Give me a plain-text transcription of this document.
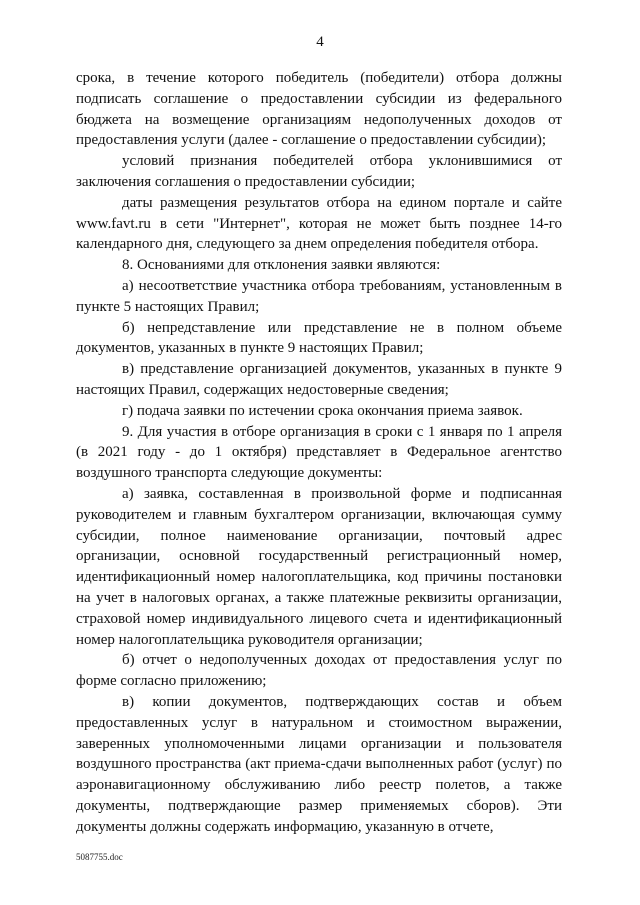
4

срока, в течение которого победитель (победители) отбора должны подписать соглашение о предоставлении субсидии из федерального бюджета на возмещение организациям недополученных доходов от предоставления услуги (далее - соглашение о предоставлении субсидии);

условий признания победителей отбора уклонившимися от заключения соглашения о предоставлении субсидии;

даты размещения результатов отбора на едином портале и сайте www.favt.ru в сети "Интернет", которая не может быть позднее 14-го календарного дня, следующего за днем определения победителя отбора.

8. Основаниями для отклонения заявки являются:

а) несоответствие участника отбора требованиям, установленным в пункте 5 настоящих Правил;

б) непредставление или представление не в полном объеме документов, указанных в пункте 9 настоящих Правил;

в) представление организацией документов, указанных в пункте 9 настоящих Правил, содержащих недостоверные сведения;

г) подача заявки по истечении срока окончания приема заявок.

9. Для участия в отборе организация в сроки с 1 января по 1 апреля (в 2021 году - до 1 октября) представляет в Федеральное агентство воздушного транспорта следующие документы:

а) заявка, составленная в произвольной форме и подписанная руководителем и главным бухгалтером организации, включающая сумму субсидии, полное наименование организации, почтовый адрес организации, основной государственный регистрационный номер, идентификационный номер налогоплательщика, код причины постановки на учет в налоговых органах, а также платежные реквизиты организации, страховой номер индивидуального лицевого счета и идентификационный номер налогоплательщика руководителя организации;

б) отчет о недополученных доходах от предоставления услуг по форме согласно приложению;

в) копии документов, подтверждающих состав и объем предоставленных услуг в натуральном и стоимостном выражении, заверенных уполномоченными лицами организации и пользователя воздушного пространства (акт приема-сдачи выполненных работ (услуг) по аэронавигационному обслуживанию либо реестр полетов, а также документы, подтверждающие размер применяемых сборов). Эти документы должны содержать информацию, указанную в отчете,

5087755.doc
